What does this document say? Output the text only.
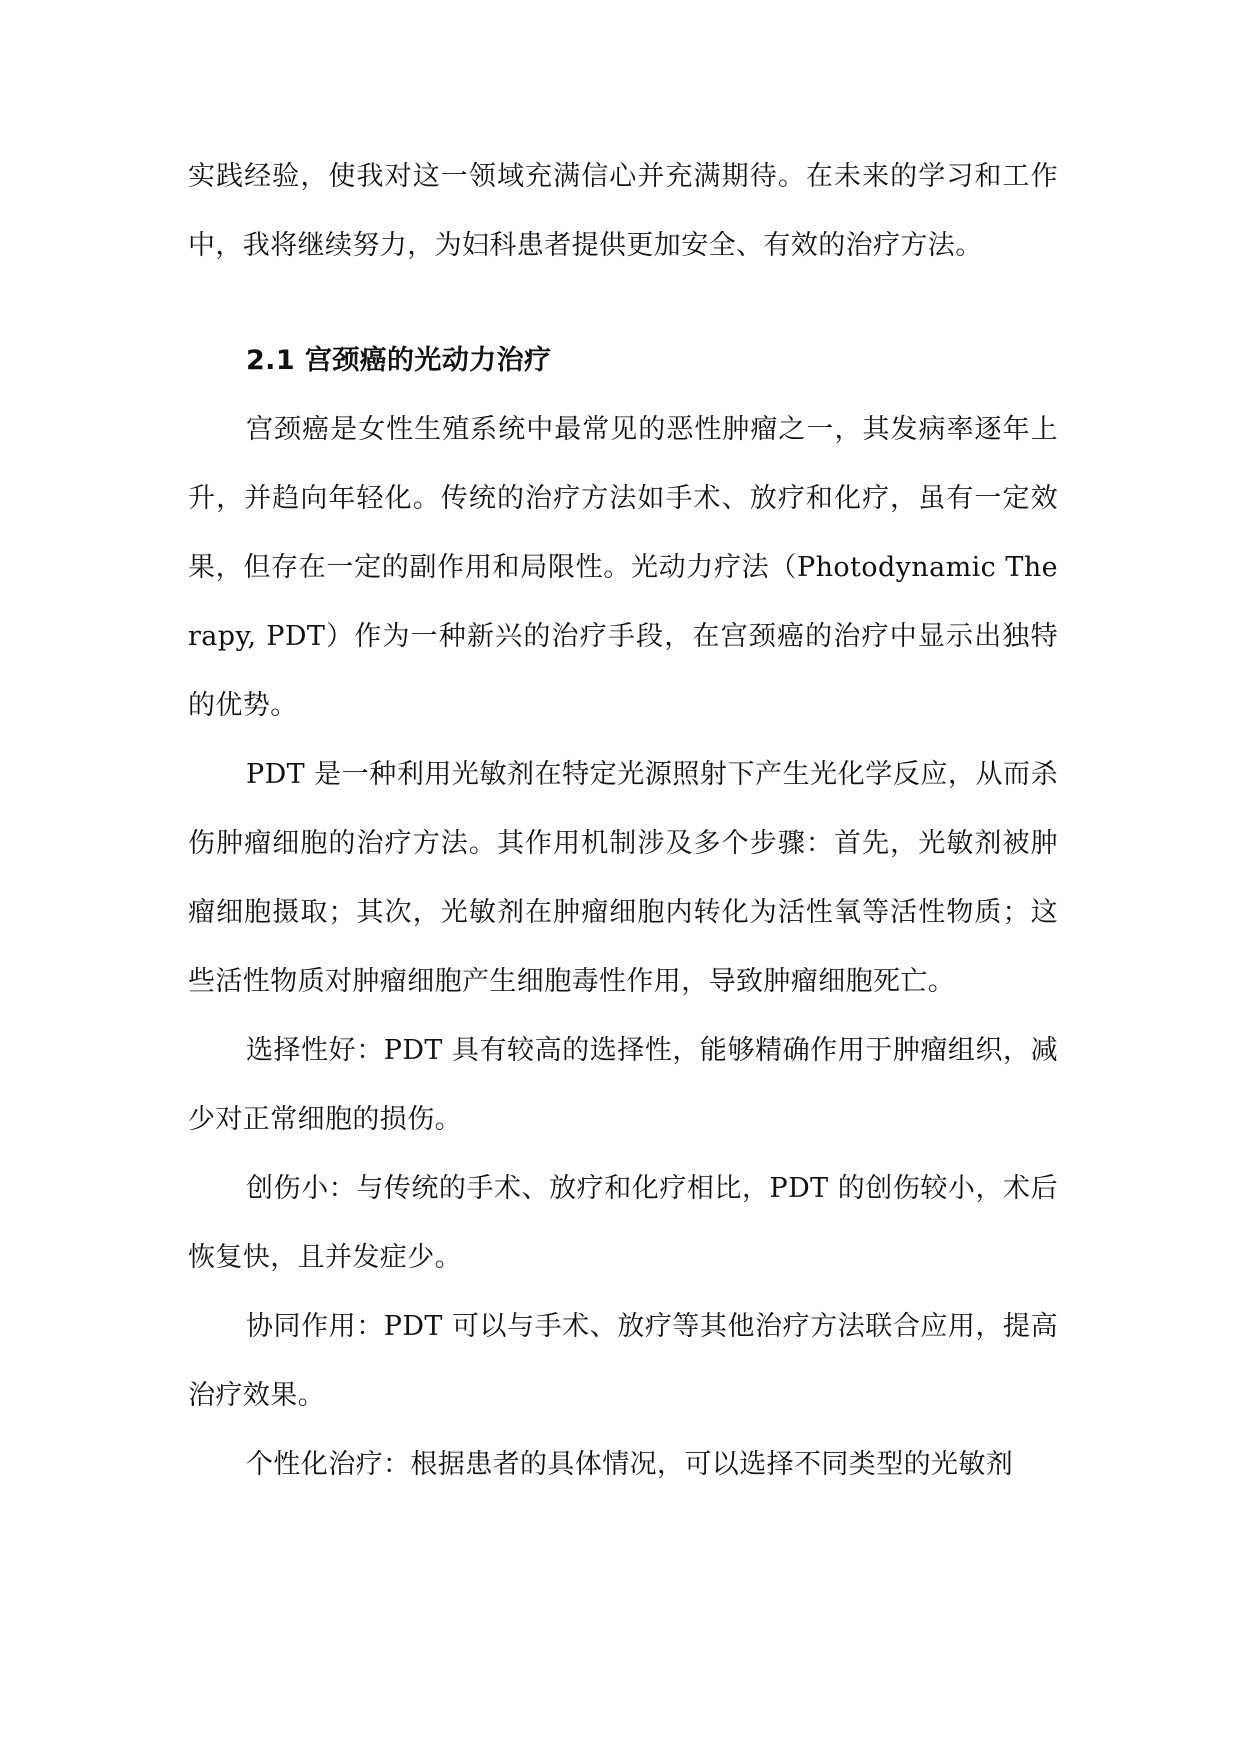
实践经验，使我对这一领域充满信心并充满期待。在未来的学习和工作中，我将继续努力，为妇科患者提供更加安全、有效的治疗方法。

2.1 宫颈癌的光动力治疗

宫颈癌是女性生殖系统中最常见的恶性肿瘤之一，其发病率逐年上升，并趋向年轻化。传统的治疗方法如手术、放疗和化疗，虽有一定效果，但存在一定的副作用和局限性。光动力疗法（Photodynamic Therapy, PDT）作为一种新兴的治疗手段，在宫颈癌的治疗中显示出独特的优势。

PDT 是一种利用光敏剂在特定光源照射下产生光化学反应，从而杀伤肿瘤细胞的治疗方法。其作用机制涉及多个步骤：首先，光敏剂被肿瘤细胞摄取；其次，光敏剂在肿瘤细胞内转化为活性氧等活性物质；这些活性物质对肿瘤细胞产生细胞毒性作用，导致肿瘤细胞死亡。

选择性好：PDT 具有较高的选择性，能够精确作用于肿瘤组织，减少对正常细胞的损伤。

创伤小：与传统的手术、放疗和化疗相比，PDT 的创伤较小，术后恢复快，且并发症少。

协同作用：PDT 可以与手术、放疗等其他治疗方法联合应用，提高治疗效果。

个性化治疗：根据患者的具体情况，可以选择不同类型的光敏剂
